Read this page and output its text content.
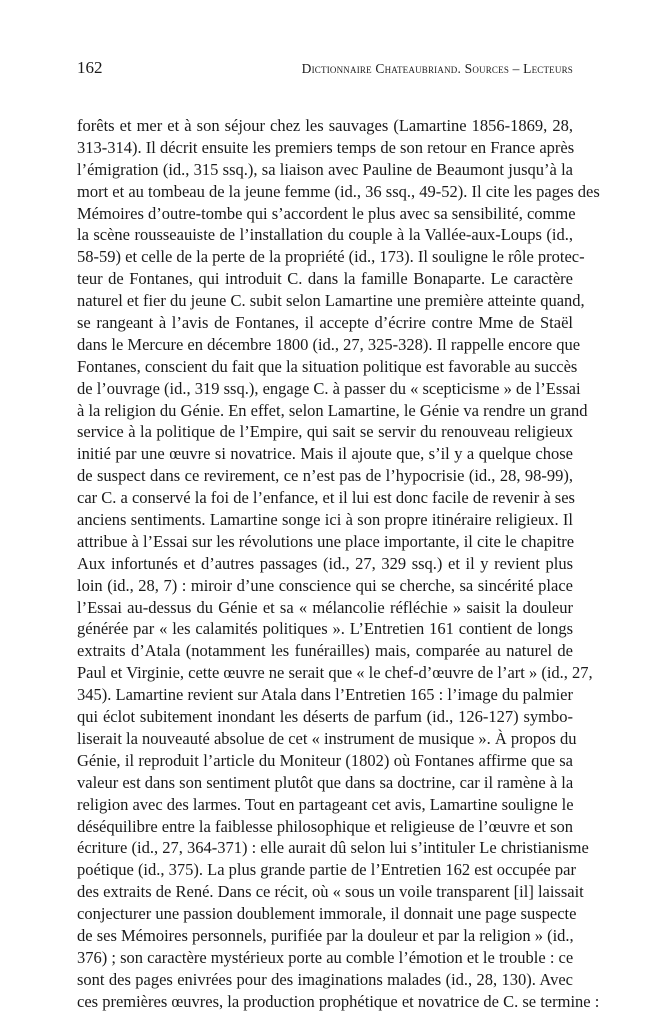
162	Dictionnaire Chateaubriand. Sources – Lecteurs
forêts et mer et à son séjour chez les sauvages (Lamartine 1856-1869, 28,
313-314). Il décrit ensuite les premiers temps de son retour en France après
l’émigration (id., 315 ssq.), sa liaison avec Pauline de Beaumont jusqu’à la
mort et au tombeau de la jeune femme (id., 36 ssq., 49-52). Il cite les pages des
Mémoires d’outre-tombe qui s’accordent le plus avec sa sensibilité, comme
la scène rousseauiste de l’installation du couple à la Vallée-aux-Loups (id.,
58-59) et celle de la perte de la propriété (id., 173). Il souligne le rôle protec-
teur de Fontanes, qui introduit C. dans la famille Bonaparte. Le caractère
naturel et fier du jeune C. subit selon Lamartine une première atteinte quand,
se rangeant à l’avis de Fontanes, il accepte d’écrire contre Mme de Staël
dans le Mercure en décembre 1800 (id., 27, 325-328). Il rappelle encore que
Fontanes, conscient du fait que la situation politique est favorable au succès
de l’ouvrage (id., 319 ssq.), engage C. à passer du « scepticisme » de l’Essai
à la religion du Génie. En effet, selon Lamartine, le Génie va rendre un grand
service à la politique de l’Empire, qui sait se servir du renouveau religieux
initié par une œuvre si novatrice. Mais il ajoute que, s’il y a quelque chose
de suspect dans ce revirement, ce n’est pas de l’hypocrisie (id., 28, 98-99),
car C. a conservé la foi de l’enfance, et il lui est donc facile de revenir à ses
anciens sentiments. Lamartine songe ici à son propre itinéraire religieux. Il
attribue à l’Essai sur les révolutions une place importante, il cite le chapitre
Aux infortunés et d’autres passages (id., 27, 329 ssq.) et il y revient plus
loin (id., 28, 7) : miroir d’une conscience qui se cherche, sa sincérité place
l’Essai au-dessus du Génie et sa « mélancolie réfléchie » saisit la douleur
générée par « les calamités politiques ». L’Entretien 161 contient de longs
extraits d’Atala (notamment les funérailles) mais, comparée au naturel de
Paul et Virginie, cette œuvre ne serait que « le chef-d’œuvre de l’art » (id., 27,
345). Lamartine revient sur Atala dans l’Entretien 165 : l’image du palmier
qui éclot subitement inondant les déserts de parfum (id., 126-127) symbo-
liserait la nouveauté absolue de cet « instrument de musique ». À propos du
Génie, il reproduit l’article du Moniteur (1802) où Fontanes affirme que sa
valeur est dans son sentiment plutôt que dans sa doctrine, car il ramène à la
religion avec des larmes. Tout en partageant cet avis, Lamartine souligne le
déséquilibre entre la faiblesse philosophique et religieuse de l’œuvre et son
écriture (id., 27, 364-371) : elle aurait dû selon lui s’intituler Le christianisme
poétique (id., 375). La plus grande partie de l’Entretien 162 est occupée par
des extraits de René. Dans ce récit, où « sous un voile transparent [il] laissait
conjecturer une passion doublement immorale, il donnait une page suspecte
de ses Mémoires personnels, purifiée par la douleur et par la religion » (id.,
376) ; son caractère mystérieux porte au comble l’émotion et le trouble : ce
sont des pages enivrées pour des imaginations malades (id., 28, 130). Avec
ces premières œuvres, la production prophétique et novatrice de C. se termine :
